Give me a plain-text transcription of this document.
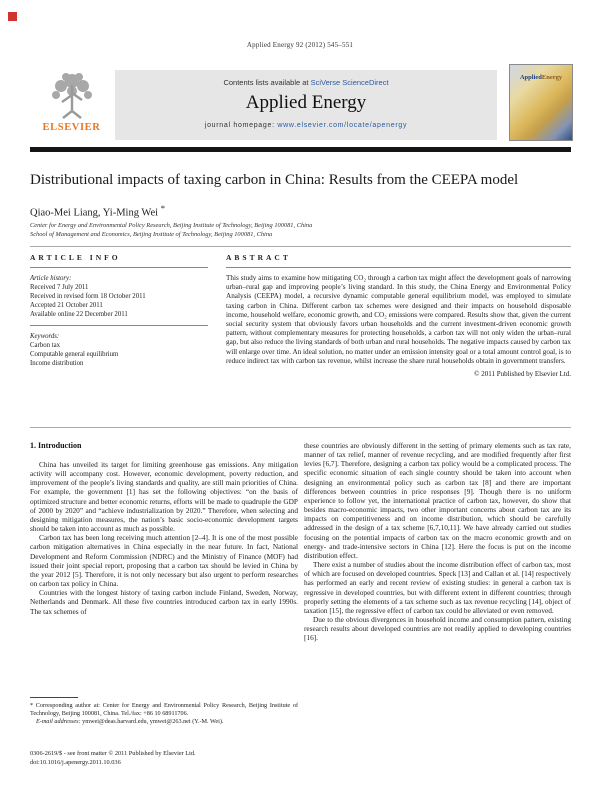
Applied Energy 92 (2012) 545–551
ELSEVIER
Contents lists available at SciVerse ScienceDirect
Applied Energy
journal homepage: www.elsevier.com/locate/apenergy
AppliedEnergy
Distributional impacts of taxing carbon in China: Results from the CEEPA model
Qiao-Mei Liang, Yi-Ming Wei *
Center for Energy and Environmental Policy Research, Beijing Institute of Technology, Beijing 100081, China
School of Management and Economics, Beijing Institute of Technology, Beijing 100081, China
ARTICLE INFO
Article history:
Received 7 July 2011
Received in revised form 18 October 2011
Accepted 21 October 2011
Available online 22 December 2011
Keywords:
Carbon tax
Computable general equilibrium
Income distribution
ABSTRACT

This study aims to examine how mitigating CO₂ through a carbon tax might affect the development goals of narrowing urban–rural gap and improving people’s living standard. In this study, the China Energy and Environmental Policy Analysis (CEEPA) model, a recursive dynamic computable general equilibrium model, was employed to simulate taxing carbon in China. Different carbon tax schemes were designed and their impacts on household disposable income, household welfare, economic growth, and CO₂ emissions were compared. Results show that, given the current social security system that obviously favors urban households and the current investment-driven economic growth pattern, without complementary measures for protecting households, a carbon tax will not only widen the urban–rural gap, but also reduce the living standards of both urban and rural households. The negative impacts caused by carbon tax will enlarge over time. An ideal solution, no matter under an emission intensity goal or a total amount control goal, is to reduce indirect tax with carbon tax revenue, whilst increase the share rural households obtain in government transfers.

© 2011 Published by Elsevier Ltd.
1. Introduction

China has unveiled its target for limiting greenhouse gas emissions. Any mitigation activity will accompany cost. However, economic development, poverty reduction, and improvement of the people’s living standards and quality, are still main priorities of China. For example, the government [1] has set the following objectives: “on the basis of optimized structure and better economic returns, efforts will be made to quadruple the GDP of 2000 by 2020” and “achieve industrialization by 2020.” Therefore, when selecting and designing mitigation measures, the nation’s basic socio-economic development targets should be taken into account as much as possible.

Carbon tax has been long receiving much attention [2–4]. It is one of the most possible carbon mitigation alternatives in China especially in the near future. In fact, National Development and Reform Commission (NDRC) and the Ministry of Finance (MOF) had issued their joint special report, proposing that a carbon tax should be levied in China by the year 2012 [5]. Therefore, it is not only necessary but also urgent to perform researches on carbon tax policy in China.

Countries with the longest history of taxing carbon include Finland, Sweden, Norway, Netherlands and Denmark. All these five countries introduced carbon tax in early 1990s. The tax schemes of

these countries are obviously different in the setting of primary elements such as tax rate, manner of tax relief, manner of revenue recycling, and are modified frequently after first levies [6,7]. Therefore, designing a carbon tax policy would be a complicated process. The specific economic situation of each single country should be taken into account when designing an environmental policy such as carbon tax [8] and there are important differences between countries in price responses [9]. Though there is no uniform experience to follow yet, the international practice of carbon tax, however, do show that besides macro-economic impacts, two other important concerns about carbon tax are its impacts on competitiveness and on income distribution, which should be carefully addressed in the design of a tax scheme [6,7,10,11]. We have already carried out studies focusing on the potential impacts of carbon tax on the macro economic growth and on energy- and trade-intensive sectors in China [12]. Here the focus is put on the income distribution effect.

There exist a number of studies about the income distribution effect of carbon tax, most of which are focused on developed countries. Speck [13] and Callan et al. [14] respectively has performed an early and recent review of existing studies: in general a carbon tax is regressive in developed countries, but with different extent in different countries; through properly setting the elements of a tax scheme such as tax revenue recycling [14], object of taxation [15], the regressive effect of carbon tax could be alleviated or even removed.

Due to the obvious divergences in household income and consumption pattern, existing research results about developed countries are not readily applied to developing countries [16].

* Corresponding author at: Center for Energy and Environmental Policy Research, Beijing Institute of Technology, Beijing 100081, China. Tel./fax: +86 10 68911706.

E-mail addresses: ymwei@deas.harvard.edu, ymwei@263.net (Y.-M. Wei).

0306-2619/$ - see front matter © 2011 Published by Elsevier Ltd.
doi:10.1016/j.apenergy.2011.10.036
